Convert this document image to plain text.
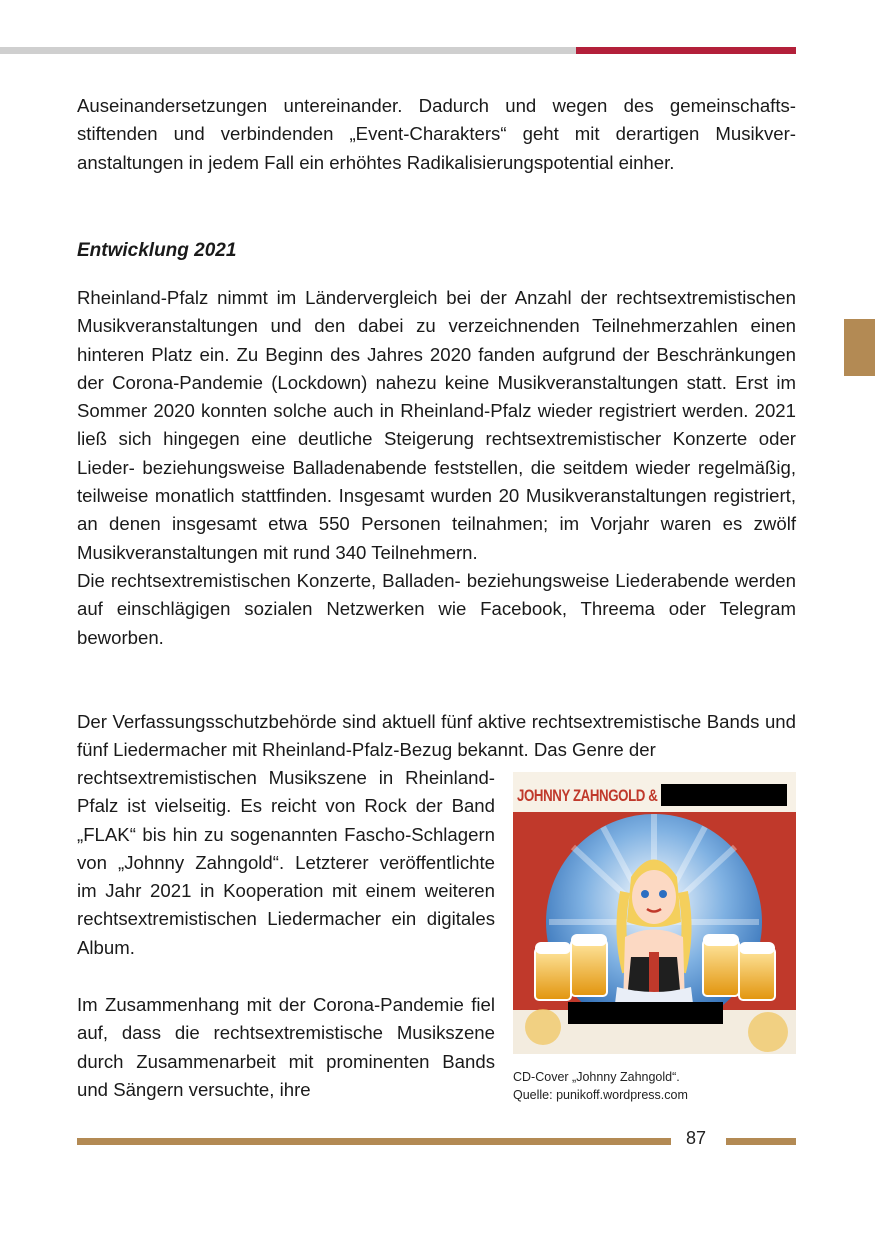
Auseinandersetzungen untereinander. Dadurch und wegen des gemeinschaftsstiftenden und verbindenden „Event-Charakters“ geht mit derartigen Musikveranstaltungen in jedem Fall ein erhöhtes Radikalisierungspotential einher.

Entwicklung 2021

Rheinland-Pfalz nimmt im Ländervergleich bei der Anzahl der rechtsextremistischen Musikveranstaltungen und den dabei zu verzeichnenden Teilnehmerzahlen einen hinteren Platz ein. Zu Beginn des Jahres 2020 fanden aufgrund der Beschränkungen der Corona-Pandemie (Lockdown) nahezu keine Musikveranstaltungen statt. Erst im Sommer 2020 konnten solche auch in Rheinland-Pfalz wieder registriert werden. 2021 ließ sich hingegen eine deutliche Steigerung rechtsextremistischer Konzerte oder Lieder- beziehungsweise Balladenabende feststellen, die seitdem wieder regelmäßig, teilweise monatlich stattfinden. Insgesamt wurden 20 Musikveranstaltungen registriert, an denen insgesamt etwa 550 Personen teilnahmen; im Vorjahr waren es zwölf Musikveranstaltungen mit rund 340 Teilnehmern.

Die rechtsextremistischen Konzerte, Balladen- beziehungsweise Liederabende werden auf einschlägigen sozialen Netzwerken wie Facebook, Threema oder Telegram beworben.

Der Verfassungsschutzbehörde sind aktuell fünf aktive rechtsextremistische Bands und fünf Liedermacher mit Rheinland-Pfalz-Bezug bekannt. Das Genre der

rechtsextremistischen Musikszene in Rheinland-Pfalz ist vielseitig. Es reicht von Rock der Band „FLAK“ bis hin zu sogenannten Fascho-Schlagern von „Johnny Zahngold“. Letzterer veröffentlichte im Jahr 2021 in Kooperation mit einem weiteren rechtsextremistischen Liedermacher ein digitales Album.

Im Zusammenhang mit der Corona-Pandemie fiel auf, dass die rechtsextremistische Musikszene durch Zusammenarbeit mit prominenten Bands und Sängern versuchte, ihre

JOHNNY ZAHNGOLD &
CD-Cover „Johnny Zahngold“.
Quelle: punikoff.wordpress.com
87
